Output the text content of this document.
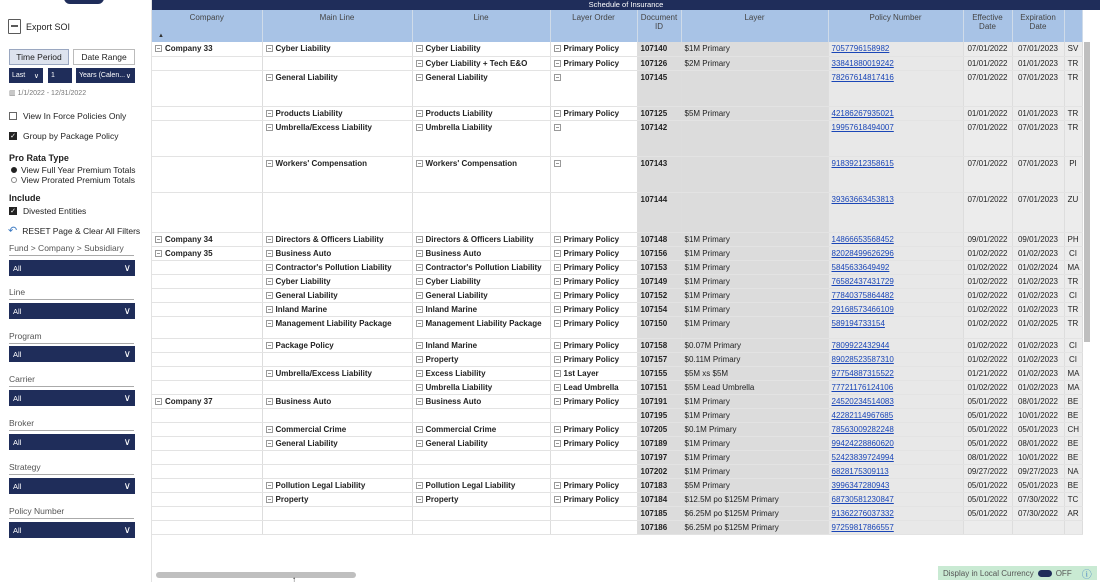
Export SOI
Time Period	Date Range
Last ∨ 1	Years (Calen... ∨
▥ 1/1/2022 - 12/31/2022
View In Force Policies Only
✓ Group by Package Policy
Pro Rata Type
View Full Year Premium Totals
View Prorated Premium Totals
Include
✓ Divested Entities
↶ RESET Page & Clear All Filters
Fund > Company > Subsidiary
All	∨
Line
All	∨
Program
All	∨
Carrier
All	∨
Broker
All	∨
Strategy
All	∨
Policy Number
All	∨
Schedule of Insurance
Company	Main Line	Line	Layer Order	Document ID	Layer	Policy Number	Effective Date	Expiration Date	
Company 33	Cyber Liability	Cyber Liability	Primary Policy	107140	$1M Primary	7057796158982	07/01/2022	07/01/2023	SV
		Cyber Liability + Tech E&O	Primary Policy	107126	$2M Primary	33841880019242	01/01/2022	01/01/2023	TR
	General Liability	General Liability		107145		78267614817416	07/01/2022	07/01/2023	TR
	Products Liability	Products Liability	Primary Policy	107125	$5M Primary	42186267935021	01/01/2022	01/01/2023	TR
	Umbrella/Excess Liability	Umbrella Liability		107142		19957618494007	07/01/2022	07/01/2023	TR
	Workers' Compensation	Workers' Compensation		107143		91839212358615	07/01/2022	07/01/2023	PI
				107144		39363663453813	07/01/2022	07/01/2023	ZU
Company 34	Directors & Officers Liability	Directors & Officers Liability	Primary Policy	107148	$1M Primary	14866653568452	09/01/2022	09/01/2023	PH
Company 35	Business Auto	Business Auto	Primary Policy	107156	$1M Primary	82028499626296	01/02/2022	01/02/2023	CI
	Contractor's Pollution Liability	Contractor's Pollution Liability	Primary Policy	107153	$1M Primary	5845633649492	01/02/2022	01/02/2024	MA
	Cyber Liability	Cyber Liability	Primary Policy	107149	$1M Primary	76582437431729	01/02/2022	01/02/2023	TR
	General Liability	General Liability	Primary Policy	107152	$1M Primary	77840375864482	01/02/2022	01/02/2023	CI
	Inland Marine	Inland Marine	Primary Policy	107154	$1M Primary	29168573466109	01/02/2022	01/02/2023	TR
	Management Liability Package	Management Liability Package	Primary Policy	107150	$1M Primary	589194733154	01/02/2022	01/02/2025	TR
	Package Policy	Inland Marine	Primary Policy	107158	$0.07M Primary	7809922432944	01/02/2022	01/02/2023	CI
		Property	Primary Policy	107157	$0.11M Primary	89028523587310	01/02/2022	01/02/2023	CI
	Umbrella/Excess Liability	Excess Liability	1st Layer	107155	$5M xs $5M	97754887315522	01/21/2022	01/02/2023	MA
		Umbrella Liability	Lead Umbrella	107151	$5M Lead Umbrella	77721176124106	01/02/2022	01/02/2023	MA
Company 37	Business Auto	Business Auto	Primary Policy	107191	$1M Primary	24520234514083	05/01/2022	08/01/2022	BE
				107195	$1M Primary	42282114967685	05/01/2022	10/01/2022	BE
	Commercial Crime	Commercial Crime	Primary Policy	107205	$0.1M Primary	78563009282248	05/01/2022	05/01/2023	CH
	General Liability	General Liability	Primary Policy	107189	$1M Primary	99424228860620	05/01/2022	08/01/2022	BE
				107197	$1M Primary	52423839724994	08/01/2022	10/01/2022	BE
				107202	$1M Primary	6828175309113	09/27/2022	09/27/2023	NA
	Pollution Legal Liability	Pollution Legal Liability	Primary Policy	107183	$5M Primary	3996347280943	05/01/2022	05/01/2023	BE
	Property	Property	Primary Policy	107184	$12.5M po $125M Primary	68730581230847	05/01/2022	07/30/2022	TC
				107185	$6.25M po $125M Primary	91362276037332	05/01/2022	07/30/2022	AR
				107186	$6.25M po $125M Primary	97259817866557			
▲
↑
Display in Local Currency	OFF ⓘ
